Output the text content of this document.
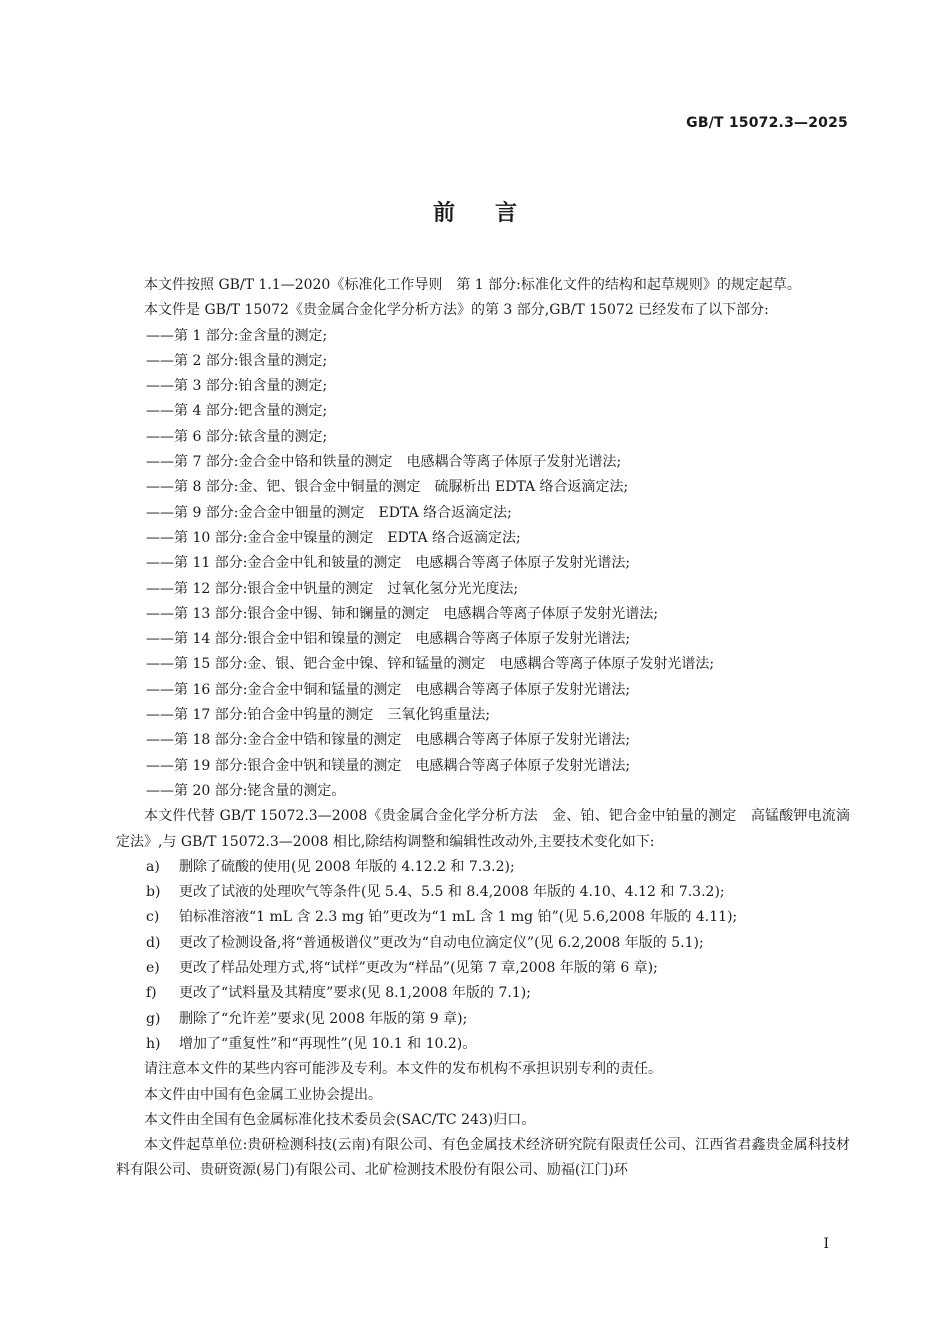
GB/T 15072.3—2025
前言

本文件按照 GB/T 1.1—2020《标准化工作导则　第 1 部分:标准化文件的结构和起草规则》的规定起草。

本文件是 GB/T 15072《贵金属合金化学分析方法》的第 3 部分,GB/T 15072 已经发布了以下部分:

——第 1 部分:金含量的测定;

——第 2 部分:银含量的测定;

——第 3 部分:铂含量的测定;

——第 4 部分:钯含量的测定;

——第 6 部分:铱含量的测定;

——第 7 部分:金合金中铬和铁量的测定　电感耦合等离子体原子发射光谱法;

——第 8 部分:金、钯、银合金中铜量的测定　硫脲析出 EDTA 络合返滴定法;

——第 9 部分:金合金中钿量的测定　EDTA 络合返滴定法;

——第 10 部分:金合金中镍量的测定　EDTA 络合返滴定法;

——第 11 部分:金合金中钆和铍量的测定　电感耦合等离子体原子发射光谱法;

——第 12 部分:银合金中钒量的测定　过氧化氢分光光度法;

——第 13 部分:银合金中锡、铈和镧量的测定　电感耦合等离子体原子发射光谱法;

——第 14 部分:银合金中铝和镍量的测定　电感耦合等离子体原子发射光谱法;

——第 15 部分:金、银、钯合金中镍、锌和锰量的测定　电感耦合等离子体原子发射光谱法;

——第 16 部分:金合金中铜和锰量的测定　电感耦合等离子体原子发射光谱法;

——第 17 部分:铂合金中钨量的测定　三氧化钨重量法;

——第 18 部分:金合金中锆和镓量的测定　电感耦合等离子体原子发射光谱法;

——第 19 部分:银合金中钒和镁量的测定　电感耦合等离子体原子发射光谱法;

——第 20 部分:铑含量的测定。

本文件代替 GB/T 15072.3—2008《贵金属合金化学分析方法　金、铂、钯合金中铂量的测定　高锰酸钾电流滴定法》,与 GB/T 15072.3—2008 相比,除结构调整和编辑性改动外,主要技术变化如下:

a) 删除了硫酸的使用(见 2008 年版的 4.12.2 和 7.3.2);

b) 更改了试液的处理吹气等条件(见 5.4、5.5 和 8.4,2008 年版的 4.10、4.12 和 7.3.2);

c) 铂标准溶液“1 mL 含 2.3 mg 铂”更改为“1 mL 含 1 mg 铂”(见 5.6,2008 年版的 4.11);

d) 更改了检测设备,将“普通极谱仪”更改为“自动电位滴定仪”(见 6.2,2008 年版的 5.1);

e) 更改了样品处理方式,将“试样”更改为“样品”(见第 7 章,2008 年版的第 6 章);

f) 更改了“试料量及其精度”要求(见 8.1,2008 年版的 7.1);

g) 删除了“允许差”要求(见 2008 年版的第 9 章);

h) 增加了“重复性”和“再现性”(见 10.1 和 10.2)。

请注意本文件的某些内容可能涉及专利。本文件的发布机构不承担识别专利的责任。

本文件由中国有色金属工业协会提出。

本文件由全国有色金属标准化技术委员会(SAC/TC 243)归口。

本文件起草单位:贵研检测科技(云南)有限公司、有色金属技术经济研究院有限责任公司、江西省君鑫贵金属科技材料有限公司、贵研资源(易门)有限公司、北矿检测技术股份有限公司、励福(江门)环

I
